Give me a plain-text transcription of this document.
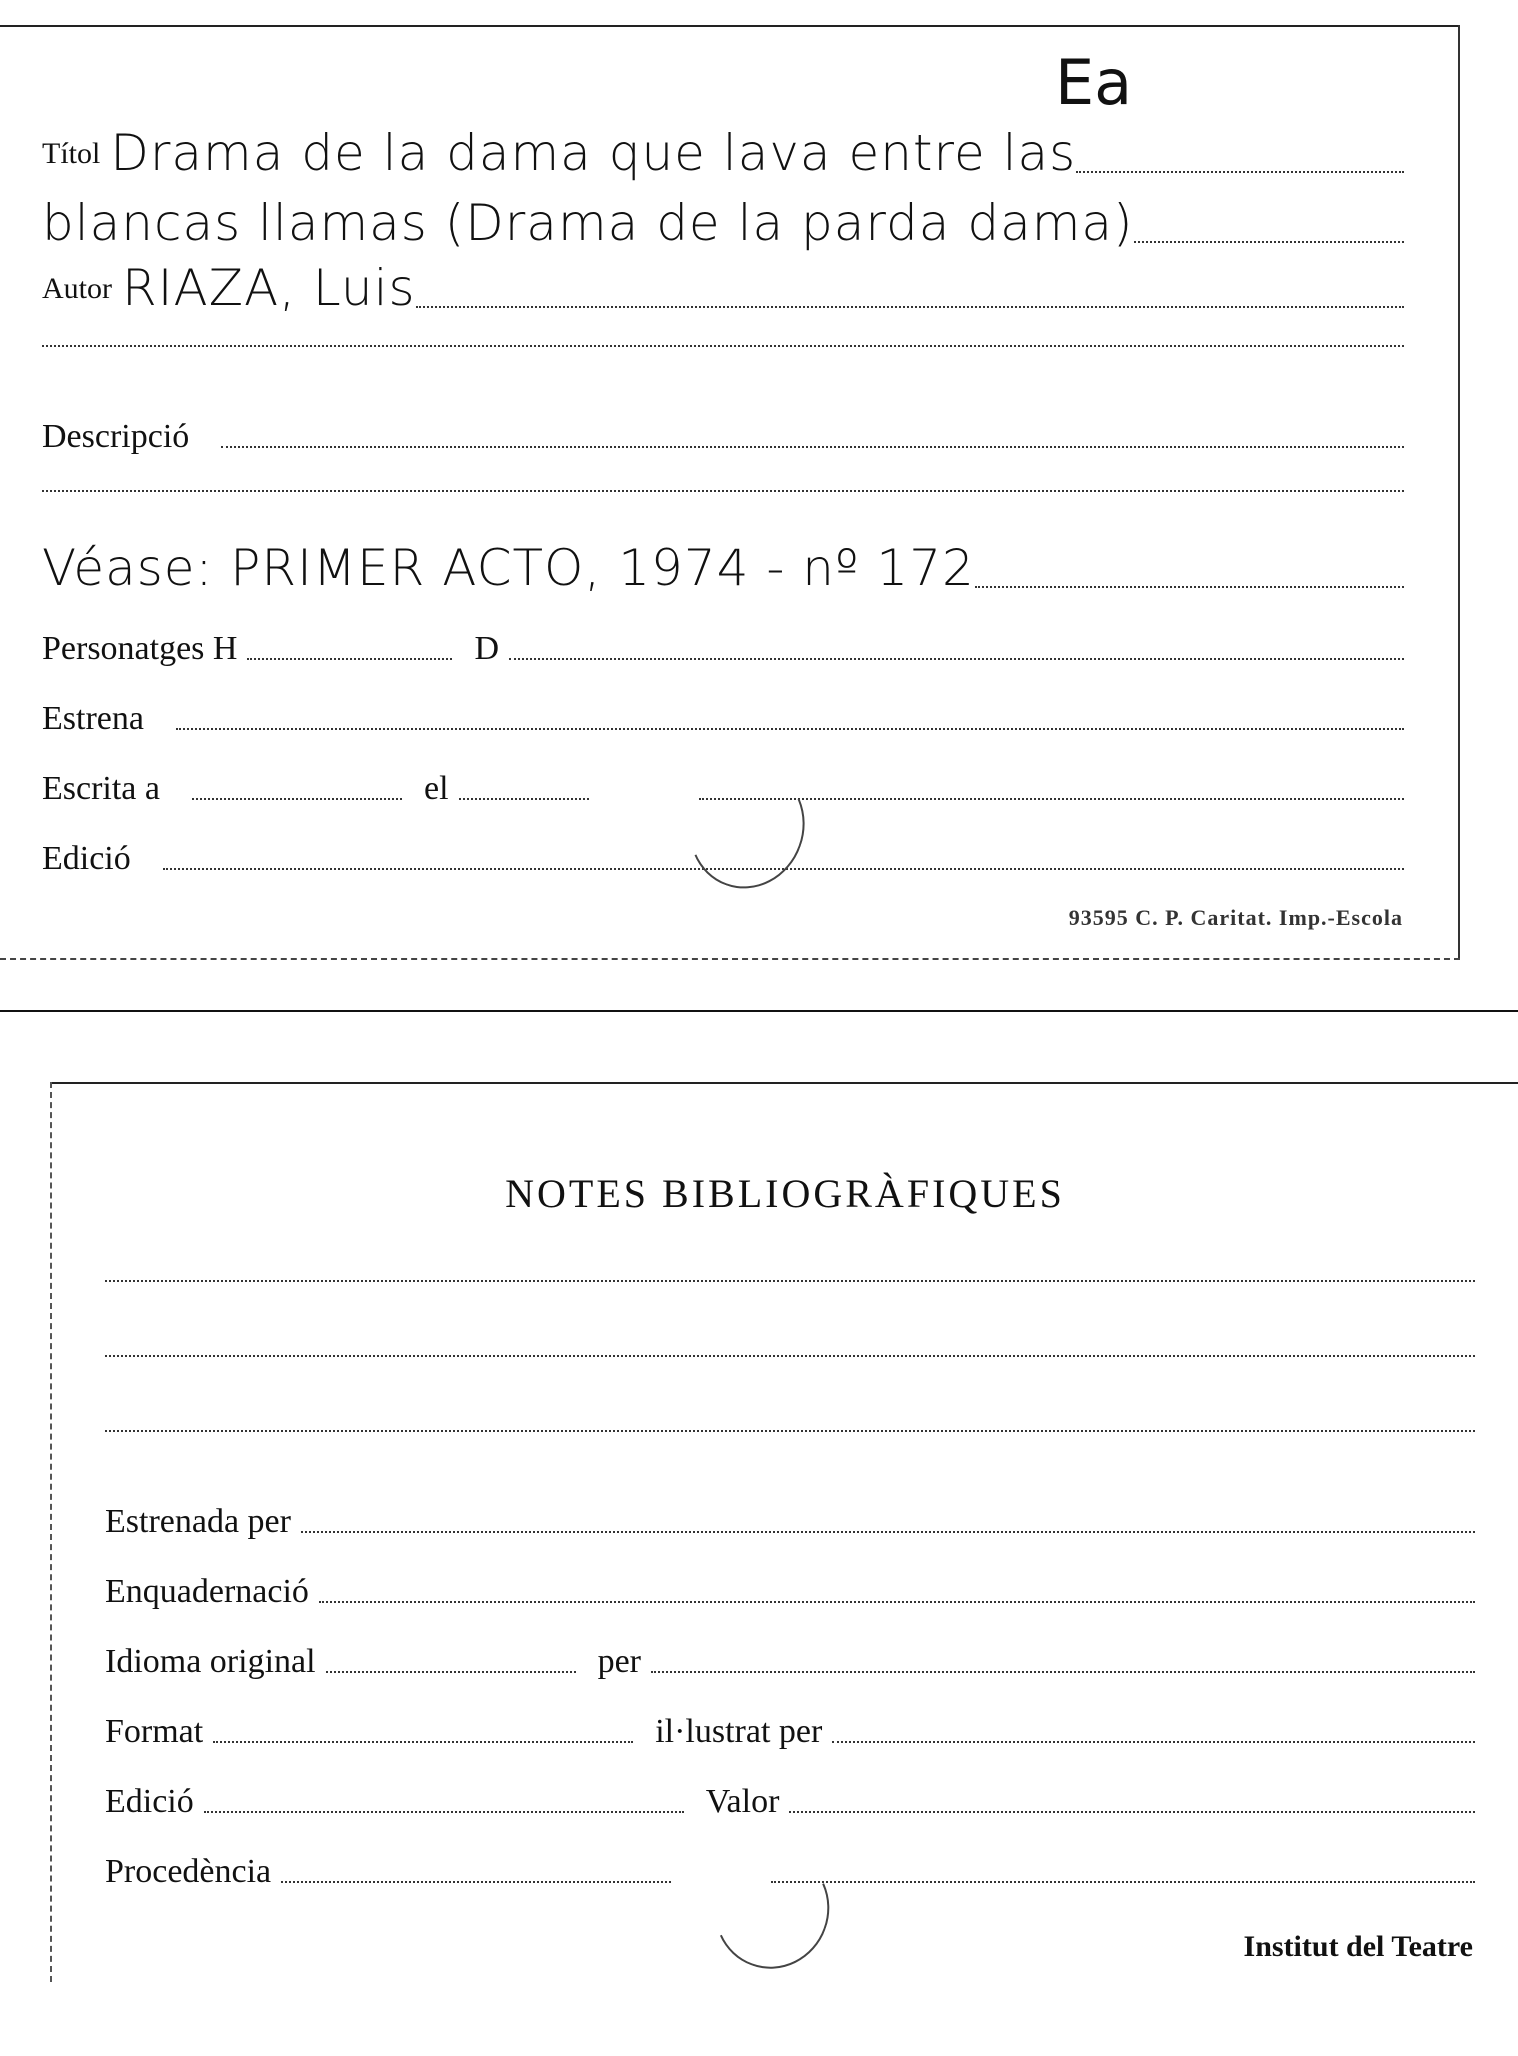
Ea
Títol Drama de la dama que lava entre las
blancas llamas (Drama de la parda dama)
Autor RIAZA, Luis
Descripció
Véase: PRIMER ACTO, 1974 - nº 172
Personatges H	D
Estrena
Escrita a	el
Edició
93595 C. P. Caritat. Imp.-Escola
NOTES BIBLIOGRÀFIQUES
Estrenada per
Enquadernació
Idioma original	per
Format	il·lustrat per
Edició	Valor
Procedència
Institut del Teatre
